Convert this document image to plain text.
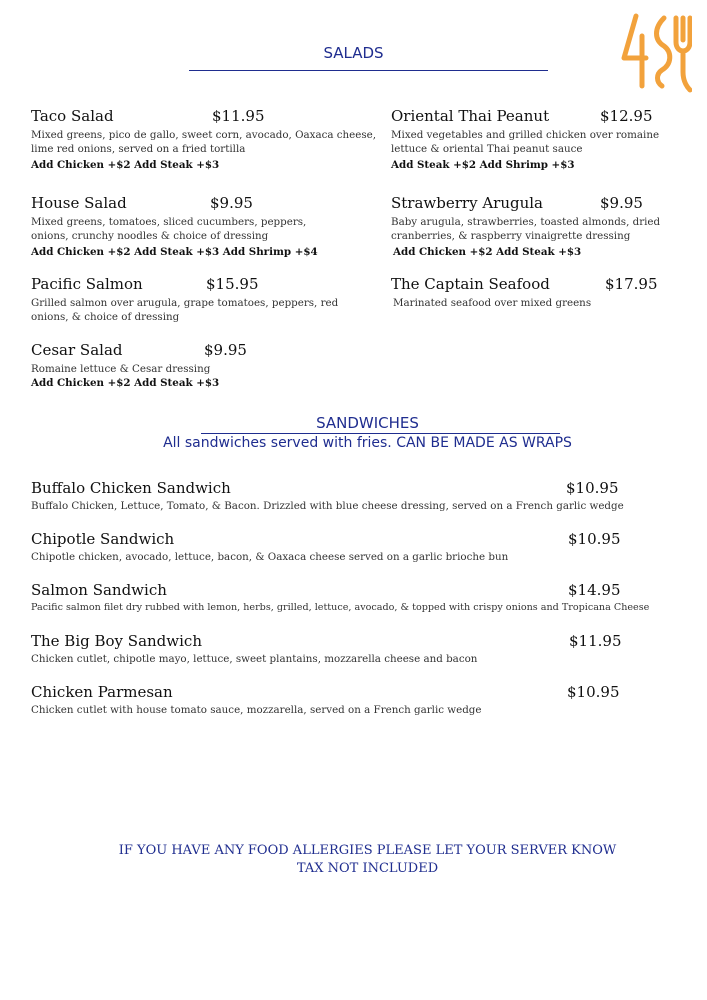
SALADS
Taco Salad	$11.95
Mixed greens, pico de gallo, sweet corn, avocado, Oaxaca cheese, lime red onions, served on a fried tortilla
Add Chicken +$2 Add Steak +$3
Oriental Thai Peanut	$12.95
Mixed vegetables and grilled chicken over romaine lettuce & oriental Thai peanut sauce
Add Steak +$2 Add Shrimp +$3
House Salad	$9.95
Mixed greens, tomatoes, sliced cucumbers, peppers, onions, crunchy noodles & choice of dressing
Add Chicken +$2 Add Steak +$3 Add Shrimp +$4
Strawberry Arugula	$9.95
Baby arugula, strawberries, toasted almonds, dried cranberries, & raspberry vinaigrette dressing
Add Chicken +$2 Add Steak +$3
Pacific Salmon	$15.95
Grilled salmon over arugula, grape tomatoes, peppers, red onions, & choice of dressing
The Captain Seafood	$17.95
Marinated seafood over mixed greens
Cesar Salad	$9.95
Romaine lettuce & Cesar dressing
Add Chicken +$2 Add Steak +$3
SANDWICHES
All sandwiches served with fries. CAN BE MADE AS WRAPS
Buffalo Chicken Sandwich	$10.95
Buffalo Chicken, Lettuce, Tomato, & Bacon. Drizzled with blue cheese dressing, served on a French garlic wedge
Chipotle Sandwich	$10.95
Chipotle chicken, avocado, lettuce, bacon, & Oaxaca cheese served on a garlic brioche bun
Salmon Sandwich	$14.95
Pacific salmon filet dry rubbed with lemon, herbs, grilled, lettuce, avocado, & topped with crispy onions and Tropicana Cheese
The Big Boy Sandwich	$11.95
Chicken cutlet, chipotle mayo, lettuce, sweet plantains, mozzarella cheese and bacon
Chicken Parmesan	$10.95
Chicken cutlet with house tomato sauce, mozzarella, served on a French garlic wedge
IF YOU HAVE ANY FOOD ALLERGIES PLEASE LET YOUR SERVER KNOW
TAX NOT INCLUDED
